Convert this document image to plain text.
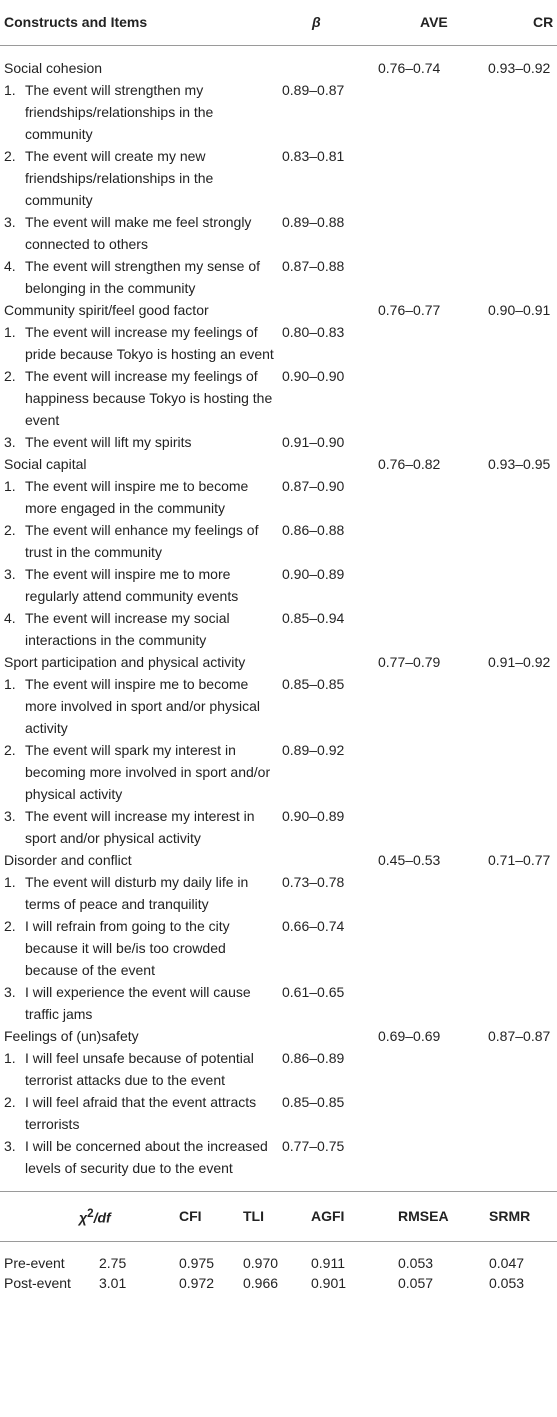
Constructs and Items	β	AVE	CR
Social cohesion		0.76–0.74	0.93–0.92

1. The event will strengthen my friendships/relationships in the community	0.89–0.87		

2. The event will create my new friendships/relationships in the community	0.83–0.81		

3. The event will make me feel strongly connected to others	0.89–0.88		

4. The event will strengthen my sense of belonging in the community	0.87–0.88		
Community spirit/feel good factor		0.76–0.77	0.90–0.91

1. The event will increase my feelings of pride because Tokyo is hosting an event	0.80–0.83		

2. The event will increase my feelings of happiness because Tokyo is hosting the event	0.90–0.90		

3. The event will lift my spirits	0.91–0.90		
Social capital		0.76–0.82	0.93–0.95

1. The event will inspire me to become more engaged in the community	0.87–0.90		

2. The event will enhance my feelings of trust in the community	0.86–0.88		

3. The event will inspire me to more regularly attend community events	0.90–0.89		

4. The event will increase my social interactions in the community	0.85–0.94		
Sport participation and physical activity		0.77–0.79	0.91–0.92

1. The event will inspire me to become more involved in sport and/or physical activity	0.85–0.85		

2. The event will spark my interest in becoming more involved in sport and/or physical activity	0.89–0.92		

3. The event will increase my interest in sport and/or physical activity	0.90–0.89		
Disorder and conflict		0.45–0.53	0.71–0.77

1. The event will disturb my daily life in terms of peace and tranquility	0.73–0.78		

2. I will refrain from going to the city because it will be/is too crowded because of the event	0.66–0.74		

3. I will experience the event will cause traffic jams	0.61–0.65		
Feelings of (un)safety		0.69–0.69	0.87–0.87

1. I will feel unsafe because of potential terrorist attacks due to the event	0.86–0.89		

2. I will feel afraid that the event attracts terrorists	0.85–0.85		

3. I will be concerned about the increased levels of security due to the event	0.77–0.75		
$\chi^2/df$		CFI	TLI	AGFI	RMSEA	SRMR
Pre-event	2.75	0.975	0.970	0.911	0.053	0.047
Post-event	3.01	0.972	0.966	0.901	0.057	0.053
